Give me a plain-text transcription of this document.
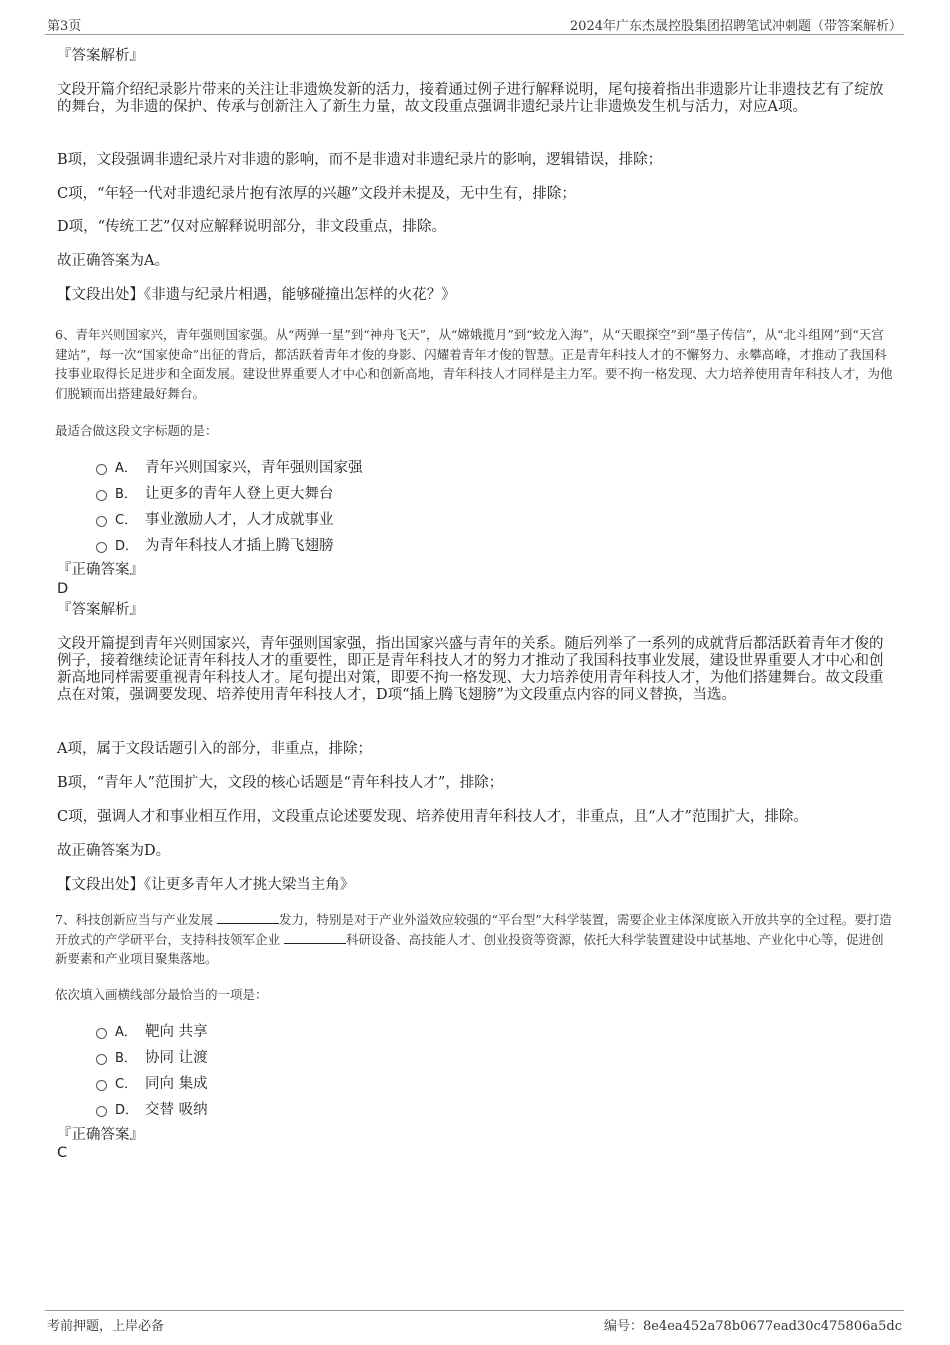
第3页	2024年广东杰晟控股集团招聘笔试冲刺题（带答案解析）
『答案解析』
文段开篇介绍纪录影片带来的关注让非遗焕发新的活力，接着通过例子进行解释说明，尾句接着指出非遗影片让非遗技艺有了绽放的舞台，为非遗的保护、传承与创新注入了新生力量，故文段重点强调非遗纪录片让非遗焕发生机与活力，对应A项。
B项，文段强调非遗纪录片对非遗的影响，而不是非遗对非遗纪录片的影响，逻辑错误，排除；
C项，“年轻一代对非遗纪录片抱有浓厚的兴趣”文段并未提及，无中生有，排除；
D项，“传统工艺”仅对应解释说明部分，非文段重点，排除。
故正确答案为A。
【文段出处】《非遗与纪录片相遇，能够碰撞出怎样的火花？》
6、青年兴则国家兴，青年强则国家强。从“两弹一星”到“神舟飞天”，从“嫦娥揽月”到“蛟龙入海”，从“天眼探空”到“墨子传信”，从“北斗组网”到“天宫建站”，每一次“国家使命”出征的背后，都活跃着青年才俊的身影、闪耀着青年才俊的智慧。正是青年科技人才的不懈努力、永攀高峰，才推动了我国科技事业取得长足进步和全面发展。建设世界重要人才中心和创新高地，青年科技人才同样是主力军。要不拘一格发现、大力培养使用青年科技人才，为他们脱颖而出搭建最好舞台。
最适合做这段文字标题的是：
A． 青年兴则国家兴，青年强则国家强
B． 让更多的青年人登上更大舞台
C． 事业激励人才，人才成就事业
D． 为青年科技人才插上腾飞翅膀
『正确答案』
D
『答案解析』
文段开篇提到青年兴则国家兴，青年强则国家强，指出国家兴盛与青年的关系。随后列举了一系列的成就背后都活跃着青年才俊的例子，接着继续论证青年科技人才的重要性，即正是青年科技人才的努力才推动了我国科技事业发展，建设世界重要人才中心和创新高地同样需要重视青年科技人才。尾句提出对策，即要不拘一格发现、大力培养使用青年科技人才，为他们搭建舞台。故文段重点在对策，强调要发现、培养使用青年科技人才，D项“插上腾飞翅膀”为文段重点内容的同义替换，当选。
A项，属于文段话题引入的部分，非重点，排除；
B项，“青年人”范围扩大，文段的核心话题是“青年科技人才”，排除；
C项，强调人才和事业相互作用，文段重点论述要发现、培养使用青年科技人才，非重点，且“人才”范围扩大，排除。
故正确答案为D。
【文段出处】《让更多青年人才挑大梁当主角》
7、科技创新应当与产业发展	发力，特别是对于产业外溢效应较强的“平台型”大科学装置，需要企业主体深度嵌入开放共享的全过程。要打造开放式的产学研平台，支持科技领军企业	科研设备、高技能人才、创业投资等资源，依托大科学装置建设中试基地、产业化中心等，促进创新要素和产业项目聚集落地。
依次填入画横线部分最恰当的一项是：
A． 靶向 共享
B． 协同 让渡
C． 同向 集成
D． 交替 吸纳
『正确答案』
C
考前押题，上岸必备	编号：8e4ea452a78b0677ead30c475806a5dc
